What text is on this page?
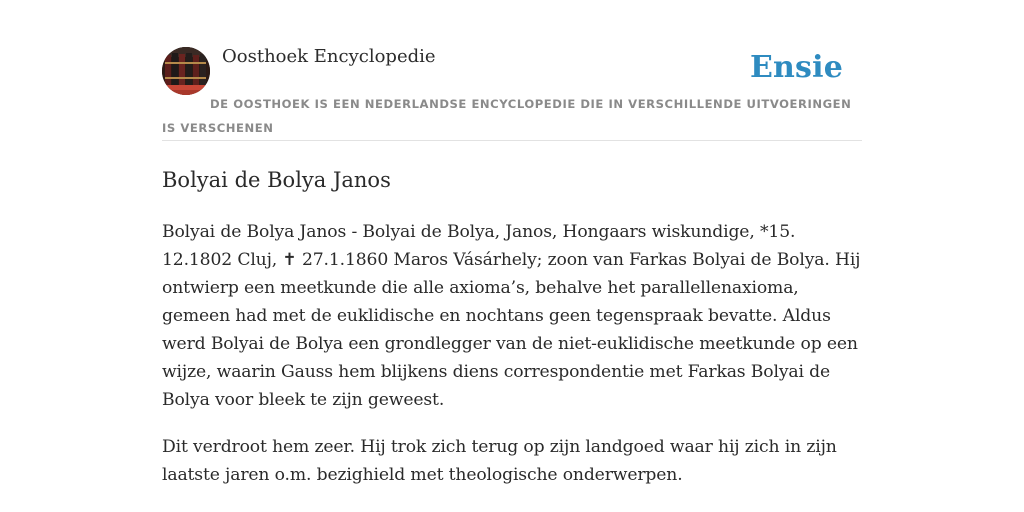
Oosthoek Encyclopedie	Ensie
DE OOSTHOEK IS EEN NEDERLANDSE ENCYCLOPEDIE DIE IN VERSCHILLENDE UITVOERINGEN IS VERSCHENEN
Bolyai de Bolya Janos

Bolyai de Bolya Janos - Bolyai de Bolya, Janos, Hongaars wiskundige, *15. 12.1802 Cluj, ✝ 27.1.1860 Maros Vásárhely; zoon van Farkas Bolyai de Bolya. Hij ontwierp een meetkunde die alle axioma’s, behalve het parallellenaxioma, gemeen had met de euklidische en nochtans geen tegenspraak bevatte. Aldus werd Bolyai de Bolya een grondlegger van de niet-euklidische meetkunde op een wijze, waarin Gauss hem blijkens diens correspondentie met Farkas Bolyai de Bolya voor bleek te zijn geweest.

Dit verdroot hem zeer. Hij trok zich terug op zijn landgoed waar hij zich in zijn laatste jaren o.m. bezighield met theologische onderwerpen.
